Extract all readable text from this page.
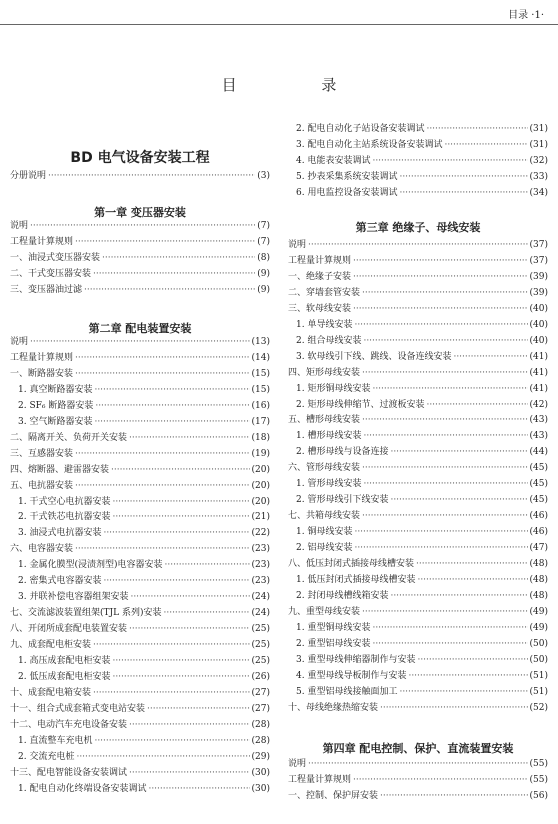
目录 ·1·
目 录
BD 电气设备安装工程
分册说明 ·····	(3)
第一章 变压器安装
说明 ·····	(7)
工程量计算规则 ·····	(7)
一、油浸式变压器安装 ·····	(8)
二、干式变压器安装 ·····	(9)
三、变压器油过滤 ·····	(9)
第二章 配电装置安装
说明 ·····	(13)
工程量计算规则 ·····	(14)
一、断路器安装 ·····	(15)
1. 真空断路器安装 ·····	(15)
2. SF₆ 断路器安装 ·····	(16)
3. 空气断路器安装 ·····	(17)
二、隔离开关、负荷开关安装 ·····	(18)
三、互感器安装 ·····	(19)
四、熔断器、避雷器安装 ·····	(20)
五、电抗器安装 ·····	(20)
1. 干式空心电抗器安装 ·····	(20)
2. 干式铁芯电抗器安装 ·····	(21)
3. 油浸式电抗器安装 ·····	(22)
六、电容器安装 ·····	(23)
1. 金属化膜型(浸渍剂型)电容器安装 ·····	(23)
2. 密集式电容器安装 ·····	(23)
3. 并联补偿电容器组架安装 ·····	(24)
七、交流滤波装置组架(TJL 系列)安装 ·····	(24)
八、开闭所成套配电装置安装 ·····	(25)
九、成套配电柜安装 ·····	(25)
1. 高压成套配电柜安装 ·····	(25)
2. 低压成套配电柜安装 ·····	(26)
十、成套配电箱安装 ·····	(27)
十一、组合式成套箱式变电站安装 ·····	(27)
十二、电动汽车充电设备安装 ·····	(28)
1. 直流整车充电机 ·····	(28)
2. 交流充电桩 ·····	(29)
十三、配电智能设备安装调试 ·····	(30)
1. 配电自动化终端设备安装调试 ·····	(30)
2. 配电自动化子站设备安装调试 ·····	(31)
3. 配电自动化主站系统设备安装调试 ·····	(31)
4. 电能表安装调试 ·····	(32)
5. 抄表采集系统安装调试 ·····	(33)
6. 用电监控设备安装调试 ·····	(34)
第三章 绝缘子、母线安装
说明 ·····	(37)
工程量计算规则 ·····	(37)
一、绝缘子安装 ·····	(39)
二、穿墙套管安装 ·····	(39)
三、软母线安装 ·····	(40)
1. 单导线安装 ·····	(40)
2. 组合母线安装 ·····	(40)
3. 软母线引下线、跳线、设备连线安装 ·····	(41)
四、矩形母线安装 ·····	(41)
1. 矩形铜母线安装 ·····	(41)
2. 矩形母线伸缩节、过渡板安装 ·····	(42)
五、槽形母线安装 ·····	(43)
1. 槽形母线安装 ·····	(43)
2. 槽形母线与设备连接 ·····	(44)
六、管形母线安装 ·····	(45)
1. 管形母线安装 ·····	(45)
2. 管形母线引下线安装 ·····	(45)
七、共箱母线安装 ·····	(46)
1. 铜母线安装 ·····	(46)
2. 铝母线安装 ·····	(47)
八、低压封闭式插接母线槽安装 ·····	(48)
1. 低压封闭式插接母线槽安装 ·····	(48)
2. 封闭母线槽线箱安装 ·····	(48)
九、重型母线安装 ·····	(49)
1. 重型铜母线安装 ·····	(49)
2. 重型铝母线安装 ·····	(50)
3. 重型母线伸缩器制作与安装 ·····	(50)
4. 重型母线导板制作与安装 ·····	(51)
5. 重型铝母线接触面加工 ·····	(51)
十、母线绝缘热缩安装 ·····	(52)
第四章 配电控制、保护、直流装置安装
说明 ·····	(55)
工程量计算规则 ·····	(55)
一、控制、保护屏安装 ·····	(56)
